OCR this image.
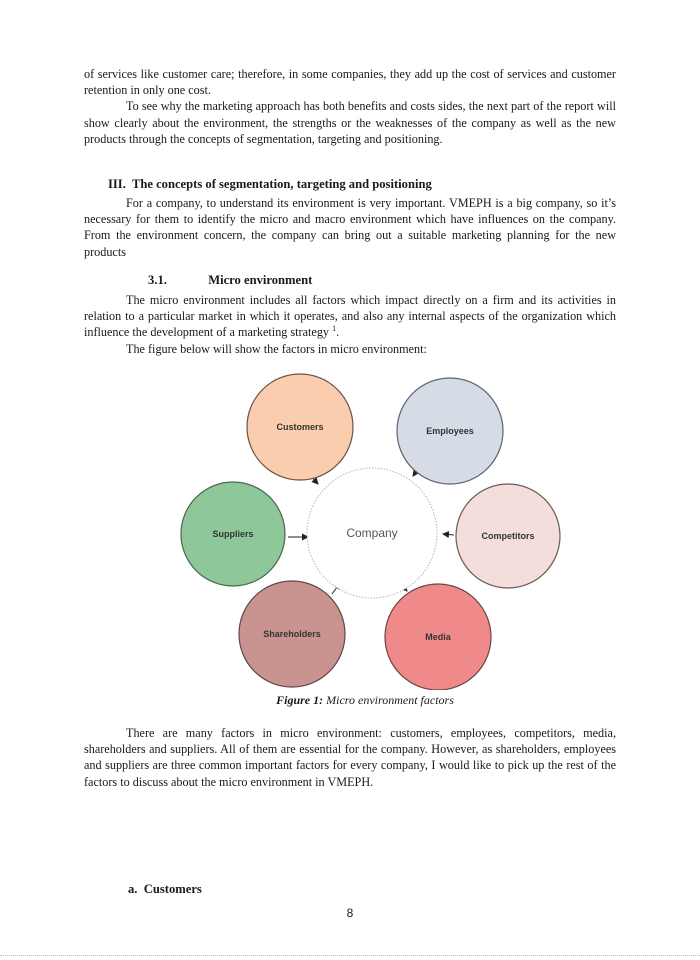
of services like customer care; therefore, in some companies, they add up the cost of services and customer retention in only one cost.

To see why the marketing approach has both benefits and costs sides, the next part of the report will show clearly about the environment, the strengths or the weaknesses of the company as well as the new products through the concepts of segmentation, targeting and positioning.

III. The concepts of segmentation, targeting and positioning

For a company, to understand its environment is very important. VMEPH is a big company, so it’s necessary for them to identify the micro and macro environment which have influences on the company. From the environment concern, the company can bring out a suitable marketing planning for the new products

3.1.	Micro environment

The micro environment includes all factors which impact directly on a firm and its activities in relation to a particular market in which it operates, and also any internal aspects of the organization which influence the development of a marketing strategy $^1$.

The figure below will show the factors in micro environment:

Company
Customers	Employees
Competitors
Media
Shareholders
Suppliers
Figure 1: Micro environment factors

There are many factors in micro environment: customers, employees, competitors, media, shareholders and suppliers. All of them are essential for the company. However, as shareholders, employees and suppliers are three common important factors for every company, I would like to pick up the rest of the factors to discuss about the micro environment in VMEPH.

a. Customers
8
